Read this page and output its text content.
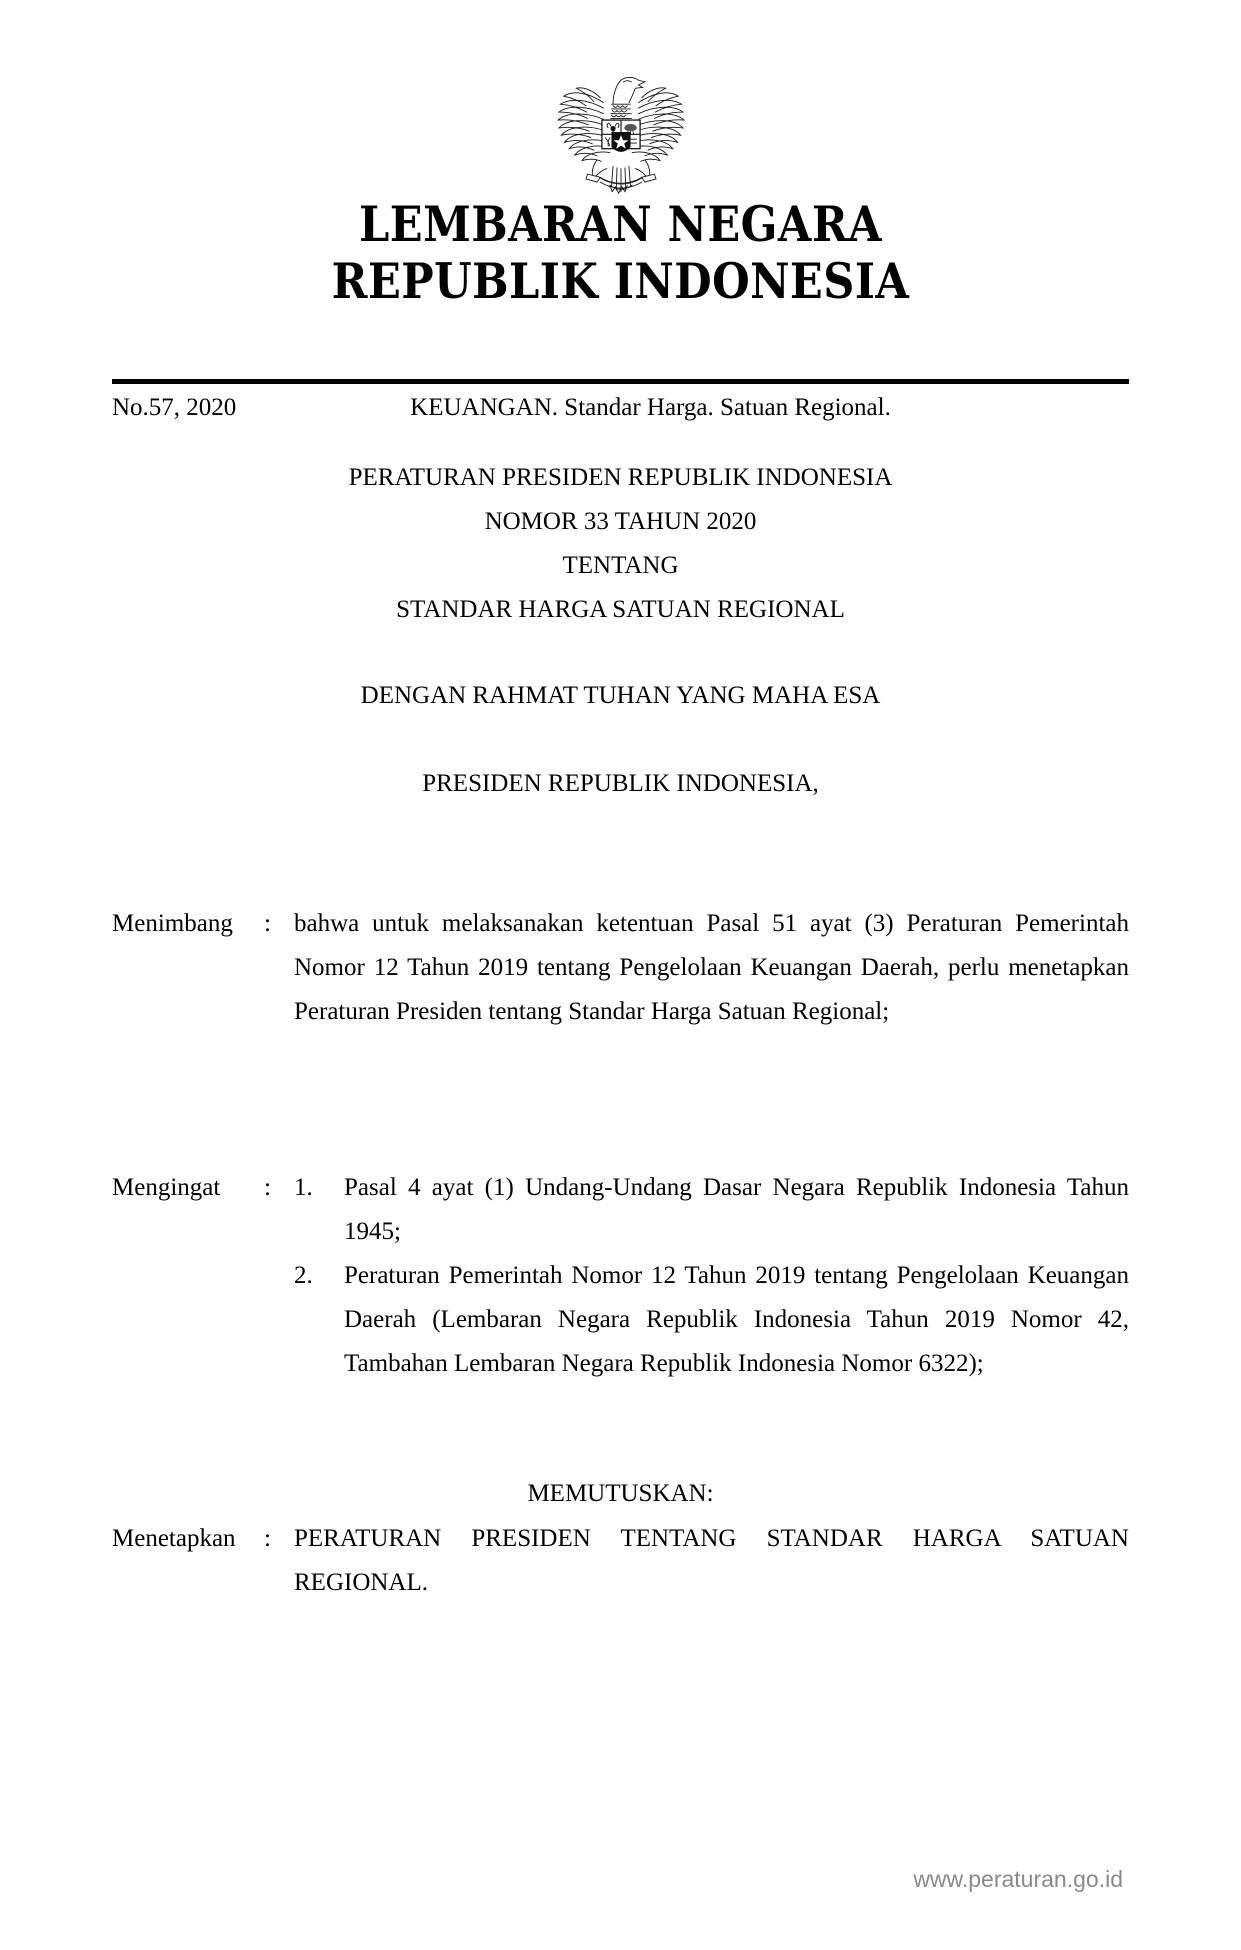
LEMBARAN NEGARA
REPUBLIK INDONESIA
No.57, 2020	KEUANGAN. Standar Harga. Satuan Regional.
PERATURAN PRESIDEN REPUBLIK INDONESIA
NOMOR 33 TAHUN 2020
TENTANG
STANDAR HARGA SATUAN REGIONAL
DENGAN RAHMAT TUHAN YANG MAHA ESA
PRESIDEN REPUBLIK INDONESIA,
Menimbang	: bahwa untuk melaksanakan ketentuan Pasal 51 ayat (3) Peraturan Pemerintah Nomor 12 Tahun 2019 tentang Pengelolaan Keuangan Daerah, perlu menetapkan Peraturan Presiden tentang Standar Harga Satuan Regional;

Mengingat	: 1.	Pasal 4 ayat (1) Undang-Undang Dasar Negara Republik Indonesia Tahun 1945;
2.	Peraturan Pemerintah Nomor 12 Tahun 2019 tentang Pengelolaan Keuangan Daerah (Lembaran Negara Republik Indonesia Tahun 2019 Nomor 42, Tambahan Lembaran Negara Republik Indonesia Nomor 6322);
MEMUTUSKAN:
Menetapkan	: PERATURAN PRESIDEN TENTANG STANDAR HARGA SATUAN REGIONAL.

www.peraturan.go.id
